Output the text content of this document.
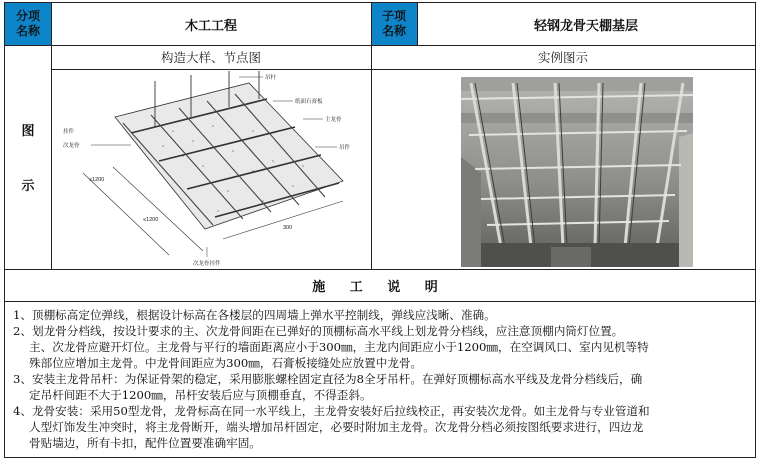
分项
名称	木工工程
子项
名称	轻钢龙骨天棚基层
图
示
构造大样、节点图	实例图示
吊杆
纸面石膏板
主龙骨
吊件
次龙骨
挂件
≤1200
≤1200
300
次龙骨挂件
施 工 说 明

1、顶棚标高定位弹线，根据设计标高在各楼层的四周墙上弹水平控制线，弹线应浅晰、准确。

2、划龙骨分档线，按设计要求的主、次龙骨间距在已弹好的顶棚标高水平线上划龙骨分档线，应注意顶棚内筒灯位置。

主、次龙骨应避开灯位。主龙骨与平行的墙面距离应小于300㎜，主龙内间距应小于1200㎜，在空调风口、室内见机等特

殊部位应增加主龙骨。中龙骨间距应为300㎜，石膏板接缝处应放置中龙骨。

3、安装主龙骨吊杆：为保证骨架的稳定，采用膨胀螺栓固定直径为8全牙吊杆。在弹好顶棚标高水平线及龙骨分档线后，确

定吊杆间距不大于1200㎜，吊杆安装后应与顶棚垂直，不得歪斜。

4、龙骨安装：采用50型龙骨，龙骨标高在同一水平线上，主龙骨安装好后拉线校正，再安装次龙骨。如主龙骨与专业管道和

人型灯饰发生冲突时，将主龙骨断开，端头增加吊杆固定，必要时附加主龙骨。次龙骨分档必须按图纸要求进行，四边龙

骨贴墙边，所有卡扣，配件位置要准确牢固。
